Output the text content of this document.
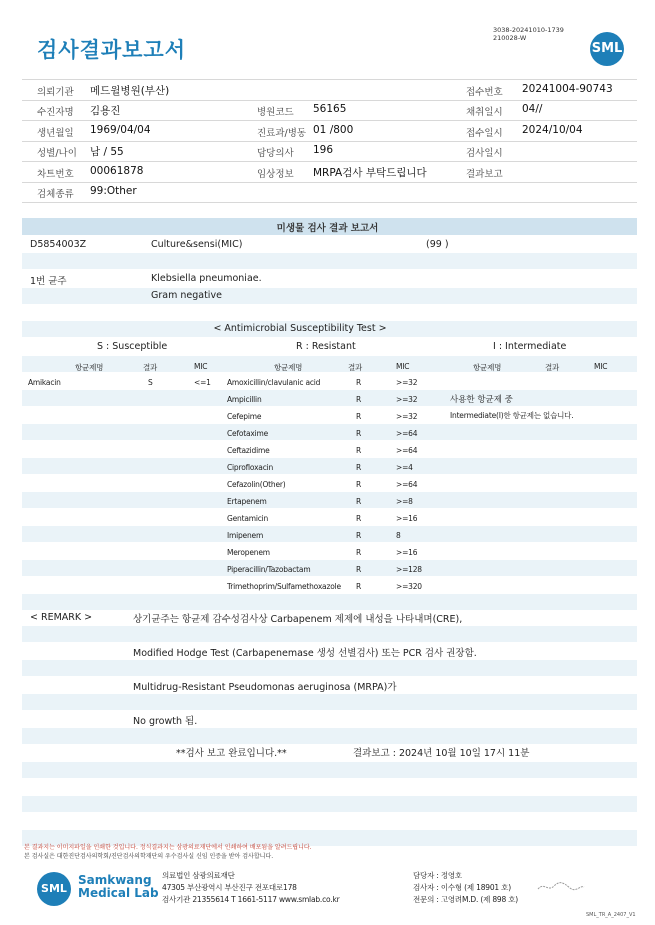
검사결과보고서
3038-20241010-1739
210028-W
SML
의뢰기관 메드윌병원(부산)
수진자명 김용진
생년월일 1969/04/04
성별/나이 남 / 55
차트번호 00061878
검체종류 99:Other
병원코드 56165
진료과/병동 01 /800
담당의사 196
임상정보 MRPA검사 부탁드립니다
접수번호 20241004-90743
채취일시 04//
접수일시 2024/10/04
검사일시
결과보고
미생물 검사 결과 보고서
D5854003Z	Culture&sensi(MIC)	(99 )
1번 균주	Klebsiella pneumoniae.
Gram negative
< Antimicrobial Susceptibility Test >
S : Susceptible	R : Resistant	I : Intermediate
항균제명	결과	MIC	항균제명	결과	MIC	항균제명	결과	MIC
Amikacin	S	<=1 Amoxicillin/clavulanic acid	R	>=32
Ampicillin	R	>=32
Cefepime	R	>=32
Cefotaxime	R	>=64
Ceftazidime	R	>=64
Ciprofloxacin	R	>=4
Cefazolin(Other)	R	>=64
Ertapenem	R	>=8
Gentamicin	R	>=16
Imipenem	R	8
Meropenem	R	>=16
Piperacillin/Tazobactam	R	>=128
Trimethoprim/Sulfamethoxazole R	>=320
사용한 항균제 중
Intermediate(I)한 항균제는 없습니다.
< REMARK >	상기균주는 항균제 감수성검사상 Carbapenem 제제에 내성을 나타내며(CRE),
Modified Hodge Test (Carbapenemase 생성 선별검사) 또는 PCR 검사 권장함.
Multidrug-Resistant Pseudomonas aeruginosa (MRPA)가
No growth 됨.
**검사 보고 완료입니다.**	결과보고 : 2024년 10월 10일 17시 11분
본 결과지는 이미지파일을 인쇄한 것입니다. 정식결과지는 삼광의료재단에서 인쇄하여 배포됨을 알려드립니다.
본 검사실은 대한진단검사의학회/진단검사의학재단의 우수검사실 신임 인증을 받아 검사합니다.
SML
Samkwang
Medical Lab
의료법인 삼광의료재단
47305 부산광역시 부산진구 전포대로178
검사기관 21355614 T 1661-5117 www.smlab.co.kr
담당자 : 정영호
검사자 : 이수형 (제 18901 호)
전문의 : 고영려M.D. (제 898 호)
SML_TR_A_2407_V1
